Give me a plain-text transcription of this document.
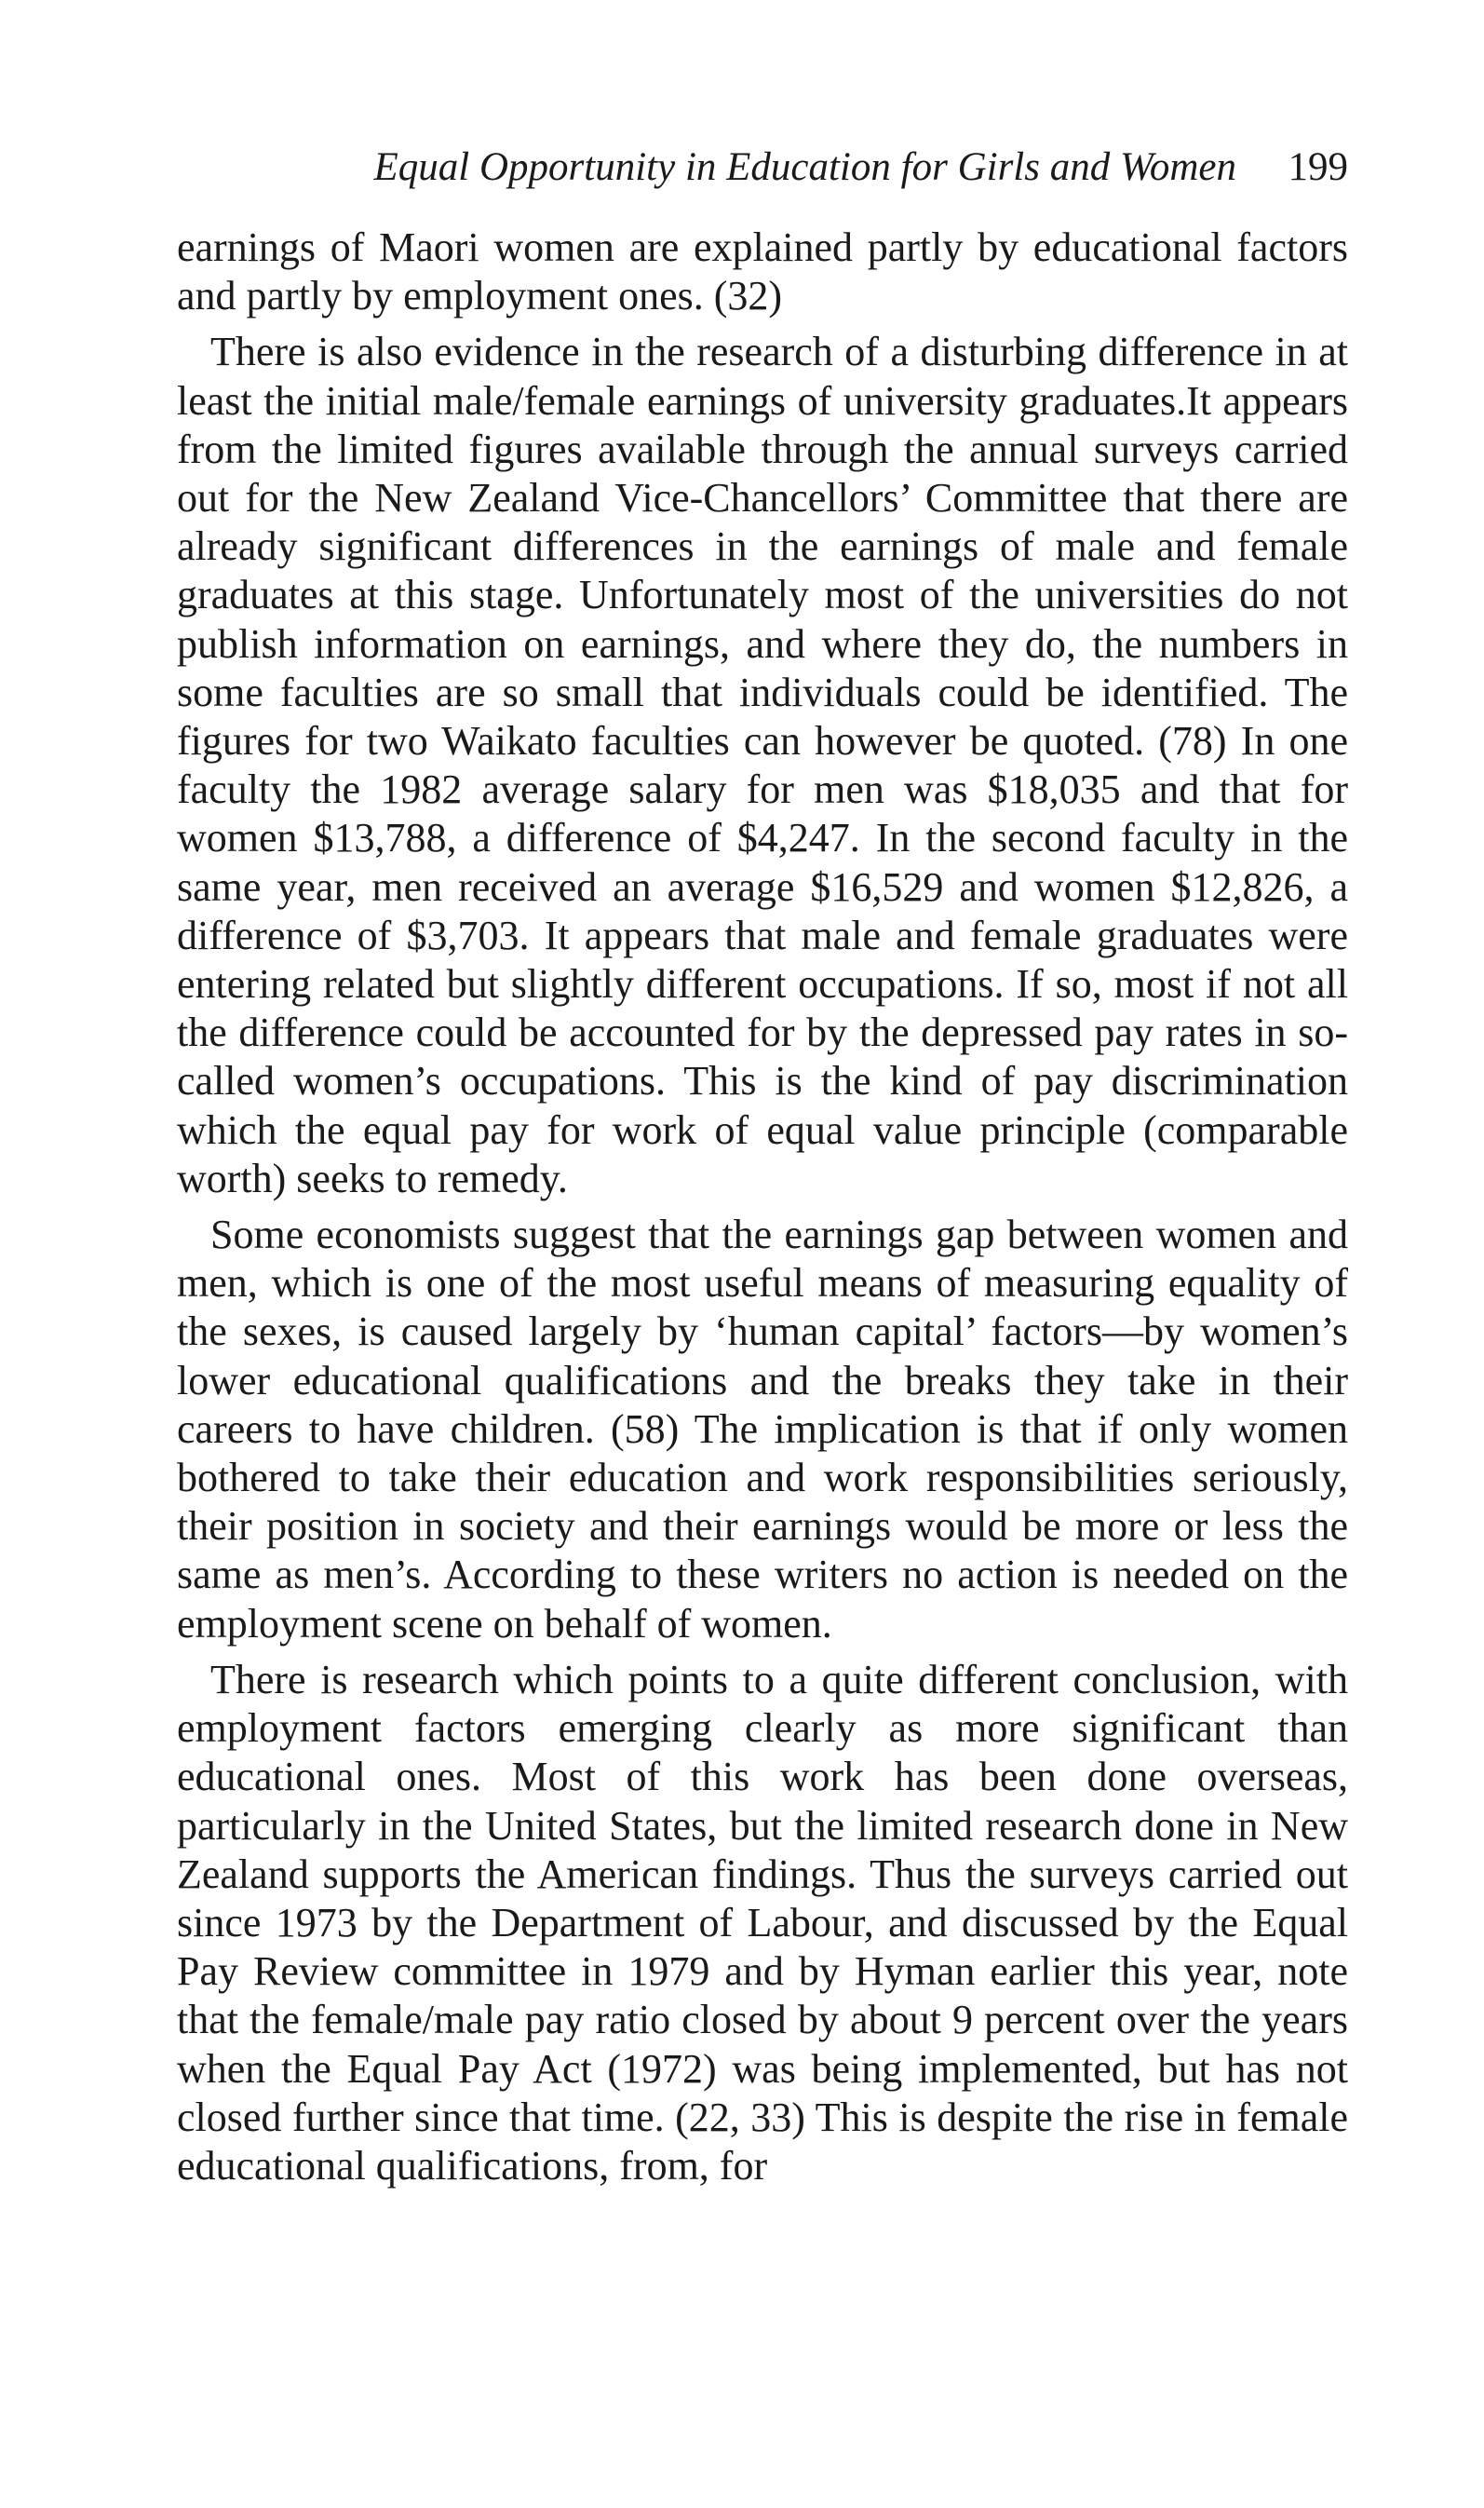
Equal Opportunity in Education for Girls and Women 199

earnings of Maori women are explained partly by educational factors and partly by employment ones. (32)

There is also evidence in the research of a disturbing difference in at least the initial male/female earnings of university graduates.It appears from the limited figures available through the annual surveys carried out for the New Zealand Vice-Chancellors’ Committee that there are already significant differences in the earnings of male and female graduates at this stage. Unfortunately most of the universities do not publish information on earnings, and where they do, the numbers in some faculties are so small that individuals could be identified. The figures for two Waikato faculties can however be quoted. (78) In one faculty the 1982 average salary for men was $18,035 and that for women $13,788, a difference of $4,247. In the second faculty in the same year, men received an average $16,529 and women $12,826, a difference of $3,703. It appears that male and female graduates were entering related but slightly different occupations. If so, most if not all the difference could be accounted for by the depressed pay rates in so-called women’s occupations. This is the kind of pay discrimination which the equal pay for work of equal value principle (comparable worth) seeks to remedy.

Some economists suggest that the earnings gap between women and men, which is one of the most useful means of measuring equality of the sexes, is caused largely by ‘human capital’ factors—by women’s lower educational qualifications and the breaks they take in their careers to have children. (58) The implication is that if only women bothered to take their education and work responsibilities seriously, their position in society and their earnings would be more or less the same as men’s. According to these writers no action is needed on the employment scene on behalf of women.

There is research which points to a quite different conclusion, with employment factors emerging clearly as more significant than educational ones. Most of this work has been done overseas, particularly in the United States, but the limited research done in New Zealand supports the American findings. Thus the surveys carried out since 1973 by the Department of Labour, and discussed by the Equal Pay Review committee in 1979 and by Hyman earlier this year, note that the female/male pay ratio closed by about 9 percent over the years when the Equal Pay Act (1972) was being implemented, but has not closed further since that time. (22, 33) This is despite the rise in female educational qualifications, from, for
